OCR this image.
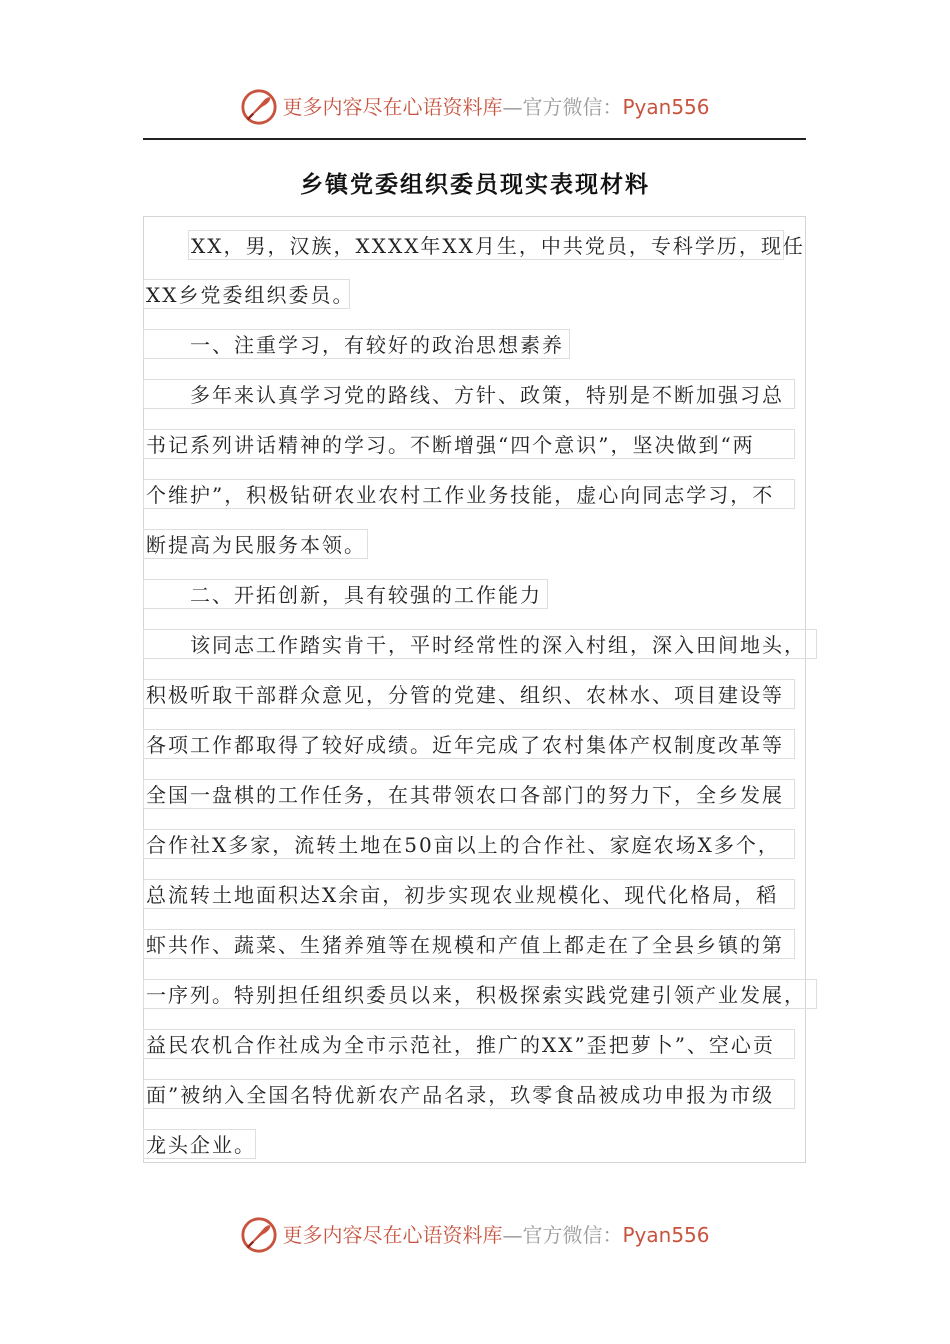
更多内容尽在心语资料库—官方微信：Pyan556
乡镇党委组织委员现实表现材料
XX，男，汉族，XXXX年XX月生，中共党员，专科学历，现任
XX乡党委组织委员。
一、注重学习，有较好的政治思想素养
多年来认真学习党的路线、方针、政策，特别是不断加强习总
书记系列讲话精神的学习。不断增强“四个意识”，坚决做到“两
个维护”，积极钻研农业农村工作业务技能，虚心向同志学习，不
断提高为民服务本领。
二、开拓创新，具有较强的工作能力
该同志工作踏实肯干，平时经常性的深入村组，深入田间地头，
积极听取干部群众意见，分管的党建、组织、农林水、项目建设等
各项工作都取得了较好成绩。近年完成了农村集体产权制度改革等
全国一盘棋的工作任务，在其带领农口各部门的努力下，全乡发展
合作社X多家，流转土地在50亩以上的合作社、家庭农场X多个，
总流转土地面积达X余亩，初步实现农业规模化、现代化格局，稻
虾共作、蔬菜、生猪养殖等在规模和产值上都走在了全县乡镇的第
一序列。特别担任组织委员以来，积极探索实践党建引领产业发展，
益民农机合作社成为全市示范社，推广的XX”歪把萝卜”、空心贡
面”被纳入全国名特优新农产品名录，玖零食品被成功申报为市级
龙头企业。
更多内容尽在心语资料库—官方微信：Pyan556
